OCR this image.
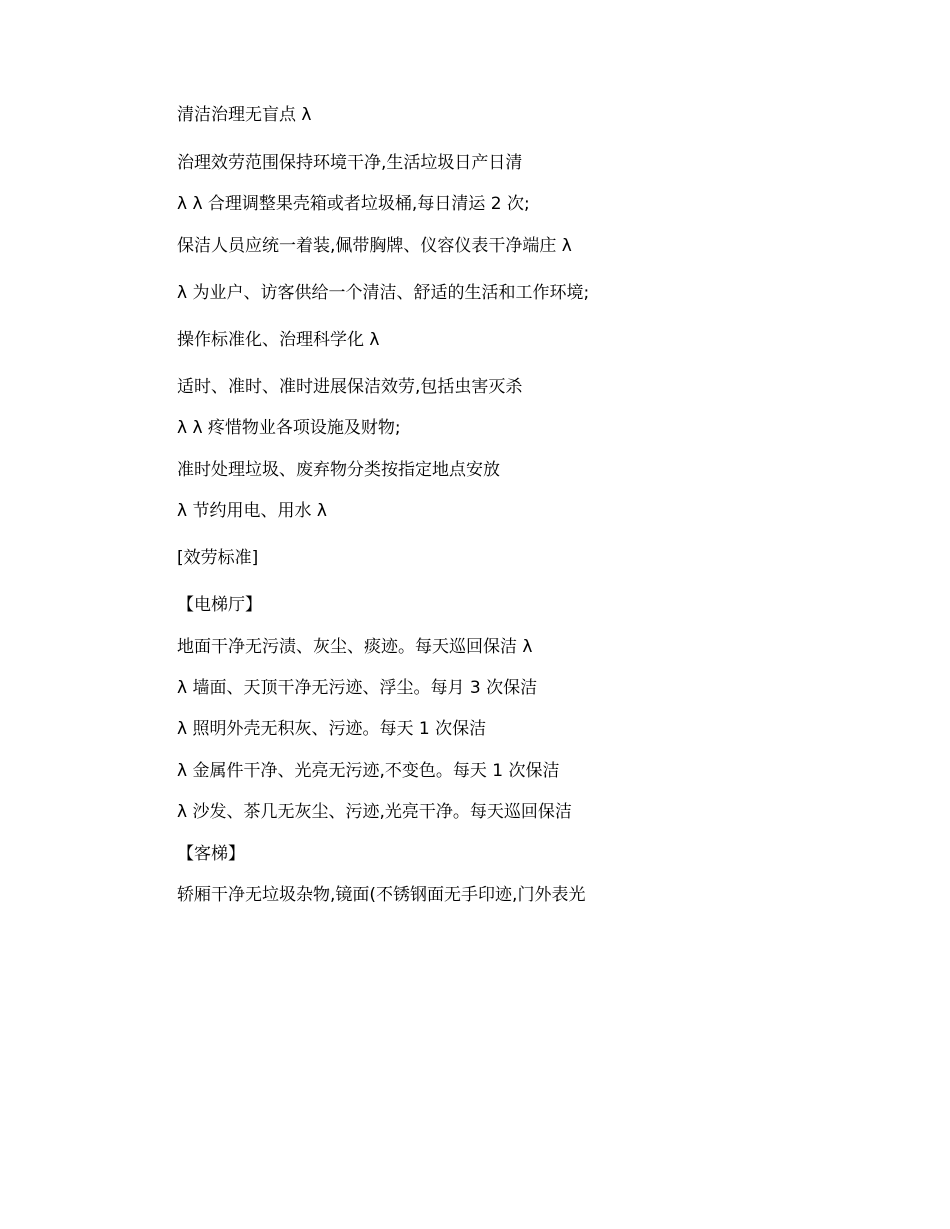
清洁治理无盲点 λ
治理效劳范围保持环境干净,生活垃圾日产日清
λ λ 合理调整果壳箱或者垃圾桶,每日清运 2 次;
保洁人员应统一着装,佩带胸牌、仪容仪表干净端庄 λ
λ 为业户、访客供给一个清洁、舒适的生活和工作环境;
操作标准化、治理科学化 λ
适时、准时、准时进展保洁效劳,包括虫害灭杀
λ λ 疼惜物业各项设施及财物;
准时处理垃圾、废弃物分类按指定地点安放
λ 节约用电、用水 λ
[效劳标准]
【电梯厅】
地面干净无污渍、灰尘、痰迹。每天巡回保洁 λ
λ 墙面、天顶干净无污迹、浮尘。每月 3 次保洁
λ 照明外壳无积灰、污迹。每天 1 次保洁
λ 金属件干净、光亮无污迹,不变色。每天 1 次保洁
λ 沙发、茶几无灰尘、污迹,光亮干净。每天巡回保洁
【客梯】
轿厢干净无垃圾杂物,镜面(不锈钢面无手印迹,门外表光
